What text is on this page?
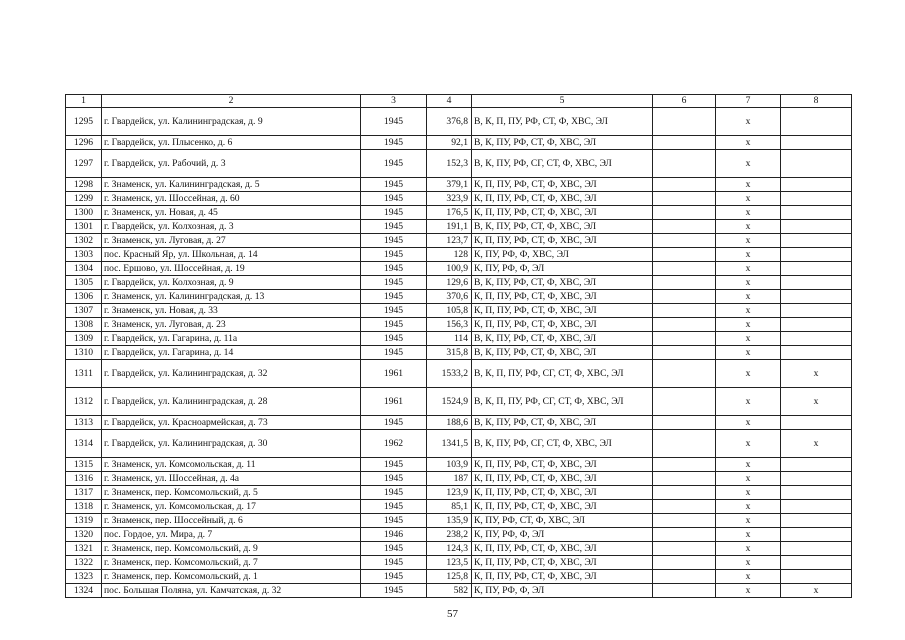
1	2	3	4	5	6	7	8
1295	г. Гвардейск, ул. Калининградская, д. 9	1945	376,8	В, К, П, ПУ, РФ, СТ, Ф, ХВС, ЭЛ		х	
1296	г. Гвардейск, ул. Плысенко, д. 6	1945	92,1	В, К, ПУ, РФ, СТ, Ф, ХВС, ЭЛ		х	
1297	г. Гвардейск, ул. Рабочий, д. 3	1945	152,3	В, К, ПУ, РФ, СГ, СТ, Ф, ХВС, ЭЛ		х	
1298	г. Знаменск, ул. Калининградская, д. 5	1945	379,1	К, П, ПУ, РФ, СТ, Ф, ХВС, ЭЛ		х	
1299	г. Знаменск, ул. Шоссейная, д. 60	1945	323,9	К, П, ПУ, РФ, СТ, Ф, ХВС, ЭЛ		х	
1300	г. Знаменск, ул. Новая, д. 45	1945	176,5	К, П, ПУ, РФ, СТ, Ф, ХВС, ЭЛ		х	
1301	г. Гвардейск, ул. Колхозная, д. 3	1945	191,1	В, К, ПУ, РФ, СТ, Ф, ХВС, ЭЛ		х	
1302	г. Знаменск, ул. Луговая, д. 27	1945	123,7	К, П, ПУ, РФ, СТ, Ф, ХВС, ЭЛ		х	
1303	пос. Красный Яр, ул. Школьная, д. 14	1945	128	К, ПУ, РФ, Ф, ХВС, ЭЛ		х	
1304	пос. Ершово, ул. Шоссейная, д. 19	1945	100,9	К, ПУ, РФ, Ф, ЭЛ		х	
1305	г. Гвардейск, ул. Колхозная, д. 9	1945	129,6	В, К, ПУ, РФ, СТ, Ф, ХВС, ЭЛ		х	
1306	г. Знаменск, ул. Калининградская, д. 13	1945	370,6	К, П, ПУ, РФ, СТ, Ф, ХВС, ЭЛ		х	
1307	г. Знаменск, ул. Новая, д. 33	1945	105,8	К, П, ПУ, РФ, СТ, Ф, ХВС, ЭЛ		х	
1308	г. Знаменск, ул. Луговая, д. 23	1945	156,3	К, П, ПУ, РФ, СТ, Ф, ХВС, ЭЛ		х	
1309	г. Гвардейск, ул. Гагарина, д. 11а	1945	114	В, К, ПУ, РФ, СТ, Ф, ХВС, ЭЛ		х	
1310	г. Гвардейск, ул. Гагарина, д. 14	1945	315,8	В, К, ПУ, РФ, СТ, Ф, ХВС, ЭЛ		х	
1311	г. Гвардейск, ул. Калининградская, д. 32	1961	1533,2	В, К, П, ПУ, РФ, СГ, СТ, Ф, ХВС, ЭЛ		х	х
1312	г. Гвардейск, ул. Калининградская, д. 28	1961	1524,9	В, К, П, ПУ, РФ, СГ, СТ, Ф, ХВС, ЭЛ		х	х
1313	г. Гвардейск, ул. Красноармейская, д. 73	1945	188,6	В, К, ПУ, РФ, СТ, Ф, ХВС, ЭЛ		х	
1314	г. Гвардейск, ул. Калининградская, д. 30	1962	1341,5	В, К, ПУ, РФ, СГ, СТ, Ф, ХВС, ЭЛ		х	х
1315	г. Знаменск, ул. Комсомольская, д. 11	1945	103,9	К, П, ПУ, РФ, СТ, Ф, ХВС, ЭЛ		х	
1316	г. Знаменск, ул. Шоссейная, д. 4а	1945	187	К, П, ПУ, РФ, СТ, Ф, ХВС, ЭЛ		х	
1317	г. Знаменск, пер. Комсомольский, д. 5	1945	123,9	К, П, ПУ, РФ, СТ, Ф, ХВС, ЭЛ		х	
1318	г. Знаменск, ул. Комсомольская, д. 17	1945	85,1	К, П, ПУ, РФ, СТ, Ф, ХВС, ЭЛ		х	
1319	г. Знаменск, пер. Шоссейный, д. 6	1945	135,9	К, ПУ, РФ, СТ, Ф, ХВС, ЭЛ		х	
1320	пос. Гордое, ул. Мира, д. 7	1946	238,2	К, ПУ, РФ, Ф, ЭЛ		х	
1321	г. Знаменск, пер. Комсомольский, д. 9	1945	124,3	К, П, ПУ, РФ, СТ, Ф, ХВС, ЭЛ		х	
1322	г. Знаменск, пер. Комсомольский, д. 7	1945	123,5	К, П, ПУ, РФ, СТ, Ф, ХВС, ЭЛ		х	
1323	г. Знаменск, пер. Комсомольский, д. 1	1945	125,8	К, П, ПУ, РФ, СТ, Ф, ХВС, ЭЛ		х	
1324	пос. Большая Поляна, ул. Камчатская, д. 32	1945	582	К, ПУ, РФ, Ф, ЭЛ		х	х
57
